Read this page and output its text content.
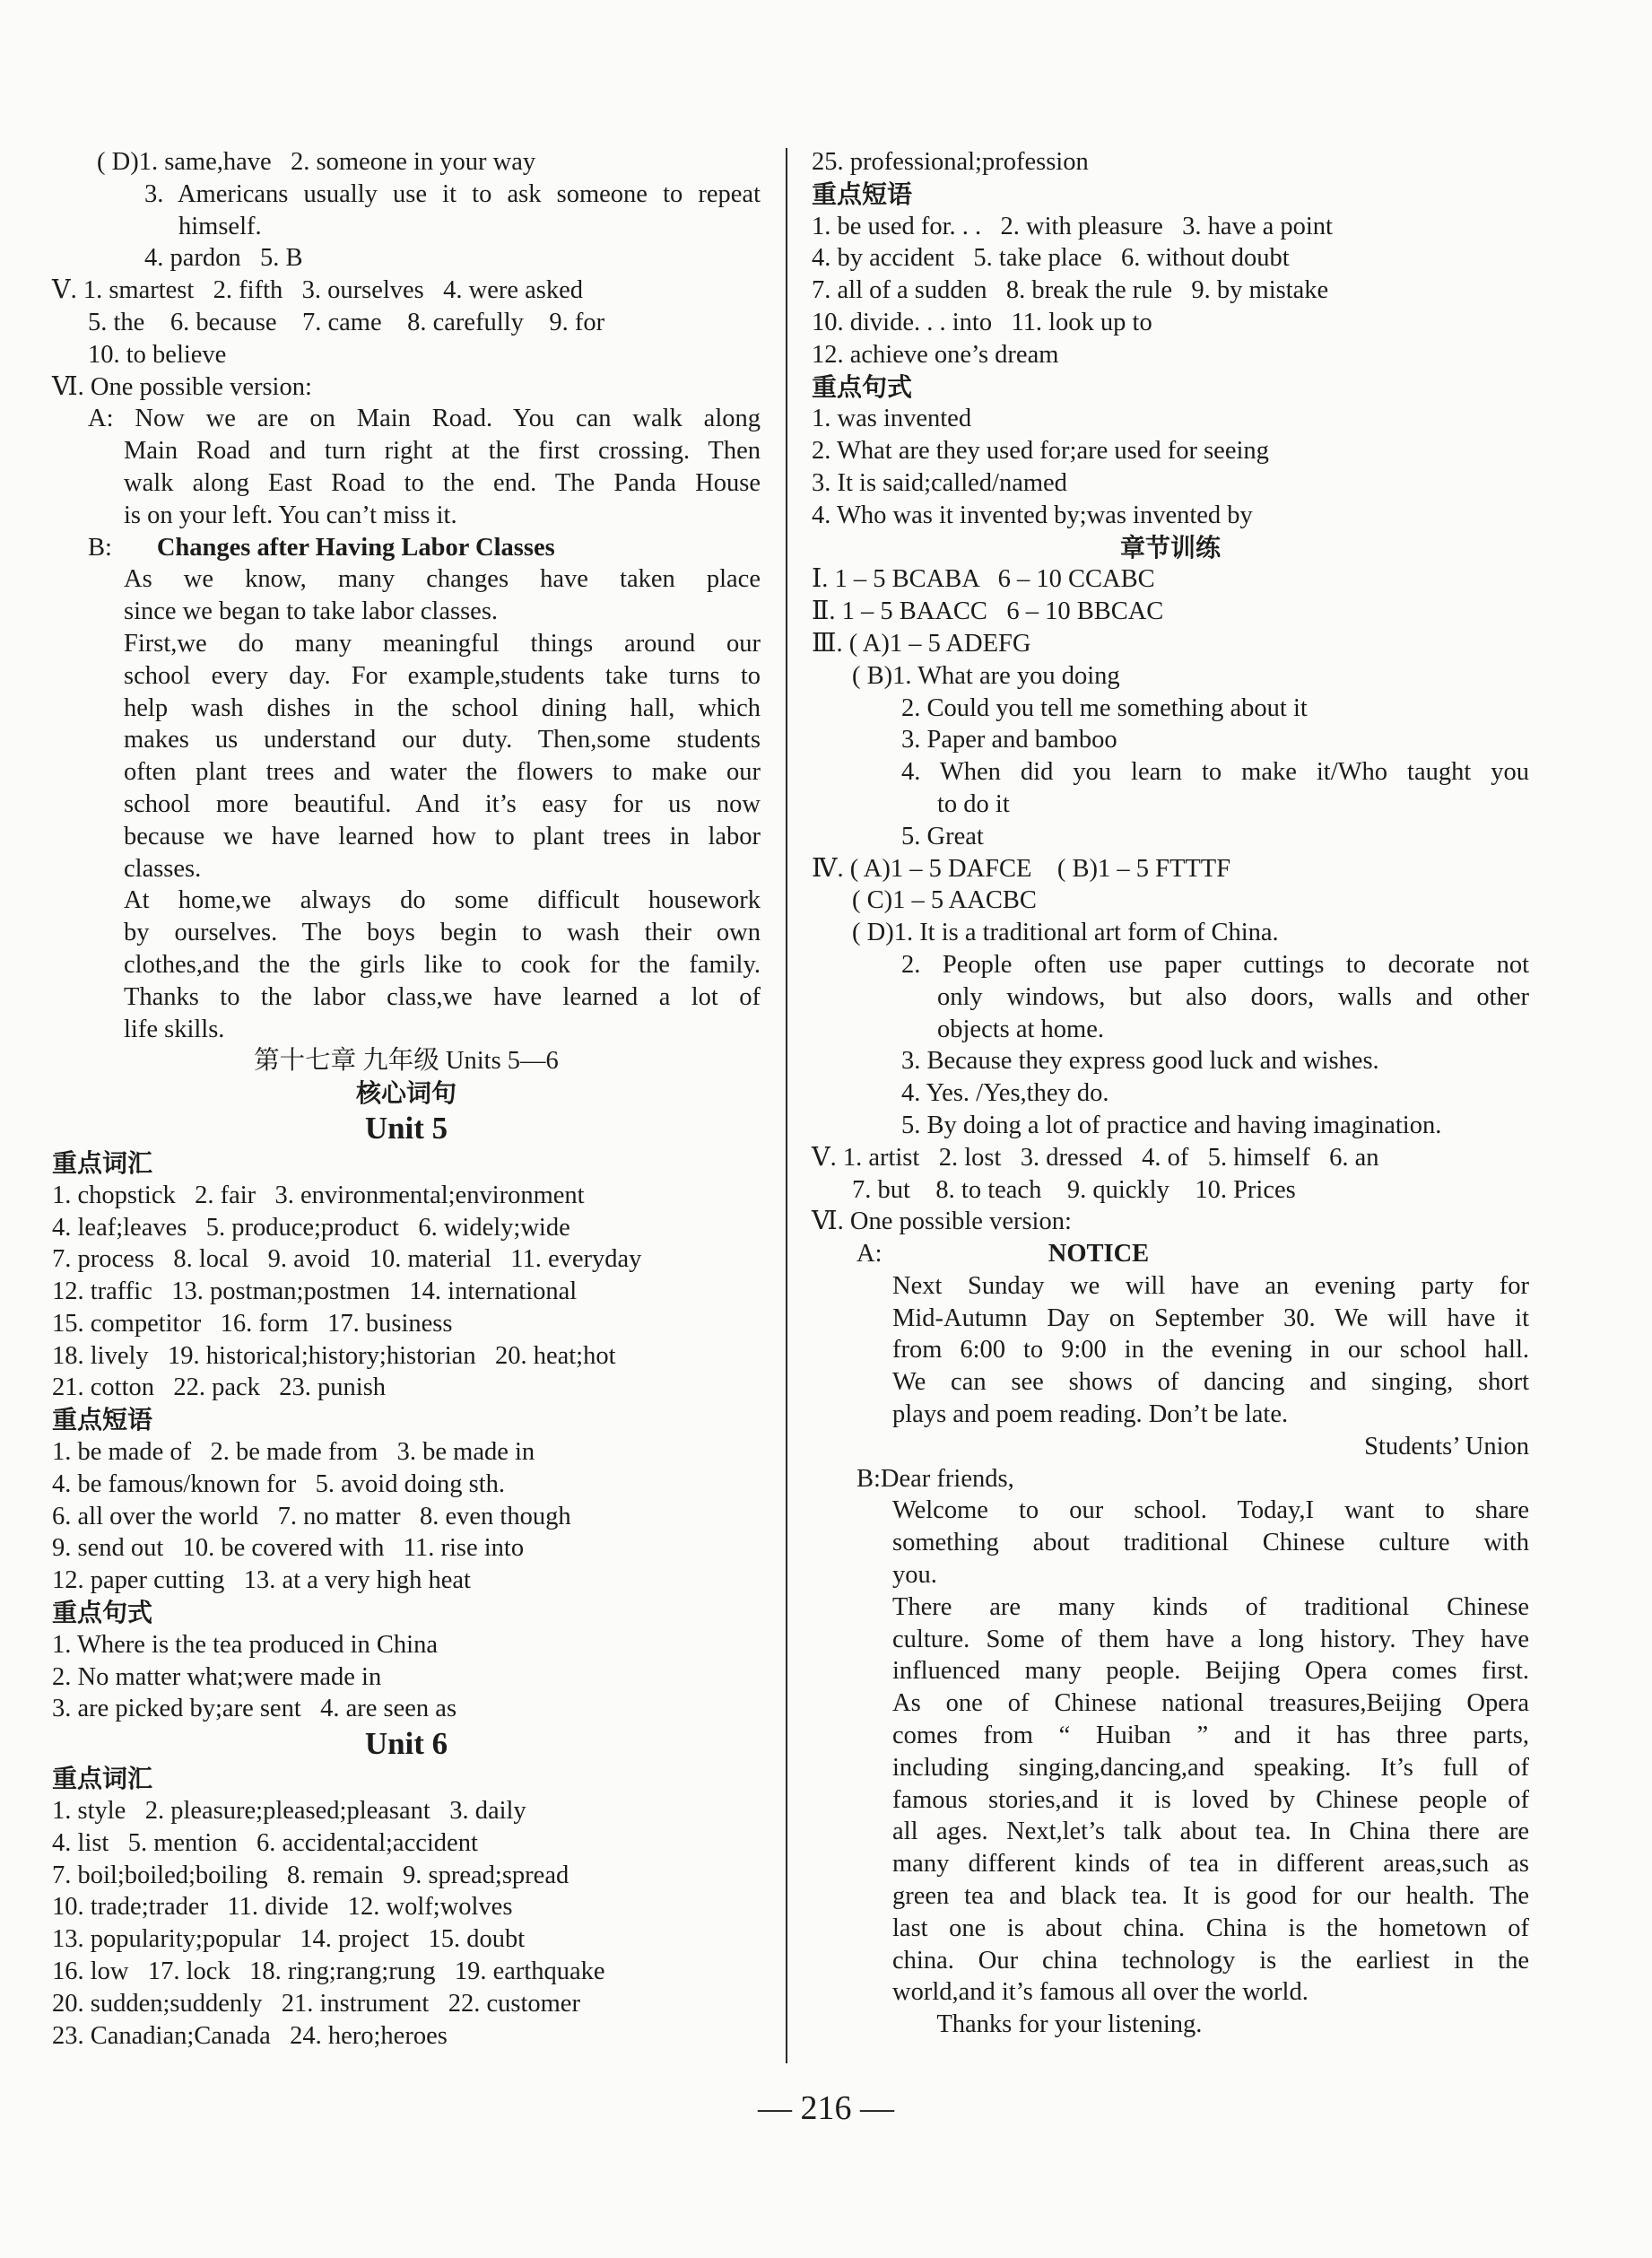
( D)1. same,have   2. someone in your way
3. Americans usually use it to ask someone to repeat
himself.
4. pardon   5. B
Ⅴ. 1. smartest   2. fifth   3. ourselves   4. were asked
5. the    6. because    7. came    8. carefully    9. for
10. to believe
Ⅵ. One possible version:
A: Now we are on Main Road. You can walk along
Main Road and turn right at the first crossing. Then
walk along East Road to the end. The Panda House
is on your left. You can’t miss it.
B:       Changes after Having Labor Classes
As we know, many changes have taken place
since we began to take labor classes.
First,we do many meaningful things around our
school every day. For example,students take turns to
help wash dishes in the school dining hall, which
makes us understand our duty. Then,some students
often plant trees and water the flowers to make our
school more beautiful. And it’s easy for us now
because we have learned how to plant trees in labor
classes.
At home,we always do some difficult housework
by ourselves. The boys begin to wash their own
clothes,and the the girls like to cook for the family.
Thanks to the labor class,we have learned a lot of
life skills.
第十七章 九年级 Units 5—6
核心词句
Unit 5
重点词汇
1. chopstick   2. fair   3. environmental;environment
4. leaf;leaves   5. produce;product   6. widely;wide
7. process   8. local   9. avoid   10. material   11. everyday
12. traffic   13. postman;postmen   14. international
15. competitor   16. form   17. business
18. lively   19. historical;history;historian   20. heat;hot
21. cotton   22. pack   23. punish
重点短语
1. be made of   2. be made from   3. be made in
4. be famous/known for   5. avoid doing sth.
6. all over the world   7. no matter   8. even though
9. send out   10. be covered with   11. rise into
12. paper cutting   13. at a very high heat
重点句式
1. Where is the tea produced in China
2. No matter what;were made in
3. are picked by;are sent   4. are seen as
Unit 6
重点词汇
1. style   2. pleasure;pleased;pleasant   3. daily
4. list   5. mention   6. accidental;accident
7. boil;boiled;boiling   8. remain   9. spread;spread
10. trade;trader   11. divide   12. wolf;wolves
13. popularity;popular   14. project   15. doubt
16. low   17. lock   18. ring;rang;rung   19. earthquake
20. sudden;suddenly   21. instrument   22. customer
23. Canadian;Canada   24. hero;heroes
25. professional;profession
重点短语
1. be used for. . .   2. with pleasure   3. have a point
4. by accident   5. take place   6. without doubt
7. all of a sudden   8. break the rule   9. by mistake
10. divide. . . into   11. look up to
12. achieve one’s dream
重点句式
1. was invented
2. What are they used for;are used for seeing
3. It is said;called/named
4. Who was it invented by;was invented by
章节训练
Ⅰ. 1 – 5 BCABA   6 – 10 CCABC
Ⅱ. 1 – 5 BAACC   6 – 10 BBCAC
Ⅲ. ( A)1 – 5 ADEFG
( B)1. What are you doing
2. Could you tell me something about it
3. Paper and bamboo
4. When did you learn to make it/Who taught you
to do it
5. Great
Ⅳ. ( A)1 – 5 DAFCE    ( B)1 – 5 FTTTF
( C)1 – 5 AACBC
( D)1. It is a traditional art form of China.
2. People often use paper cuttings to decorate not
only windows, but also doors, walls and other
objects at home.
3. Because they express good luck and wishes.
4. Yes. /Yes,they do.
5. By doing a lot of practice and having imagination.
Ⅴ. 1. artist   2. lost   3. dressed   4. of   5. himself   6. an
7. but    8. to teach    9. quickly    10. Prices
Ⅵ. One possible version:
A:                          NOTICE
Next Sunday we will have an evening party for
Mid-Autumn Day on September 30. We will have it
from 6:00 to 9:00 in the evening in our school hall.
We can see shows of dancing and singing, short
plays and poem reading. Don’t be late.
Students’ Union
B:Dear friends,
Welcome to our school. Today,I want to share
something about traditional Chinese culture with
you.
There are many kinds of traditional Chinese
culture. Some of them have a long history. They have
influenced many people. Beijing Opera comes first.
As one of Chinese national treasures,Beijing Opera
comes from “ Huiban ” and it has three parts,
including singing,dancing,and speaking. It’s full of
famous stories,and it is loved by Chinese people of
all ages. Next,let’s talk about tea. In China there are
many different kinds of tea in different areas,such as
green tea and black tea. It is good for our health. The
last one is about china. China is the hometown of
china. Our china technology is the earliest in the
world,and it’s famous all over the world.
Thanks for your listening.
— 216 —
